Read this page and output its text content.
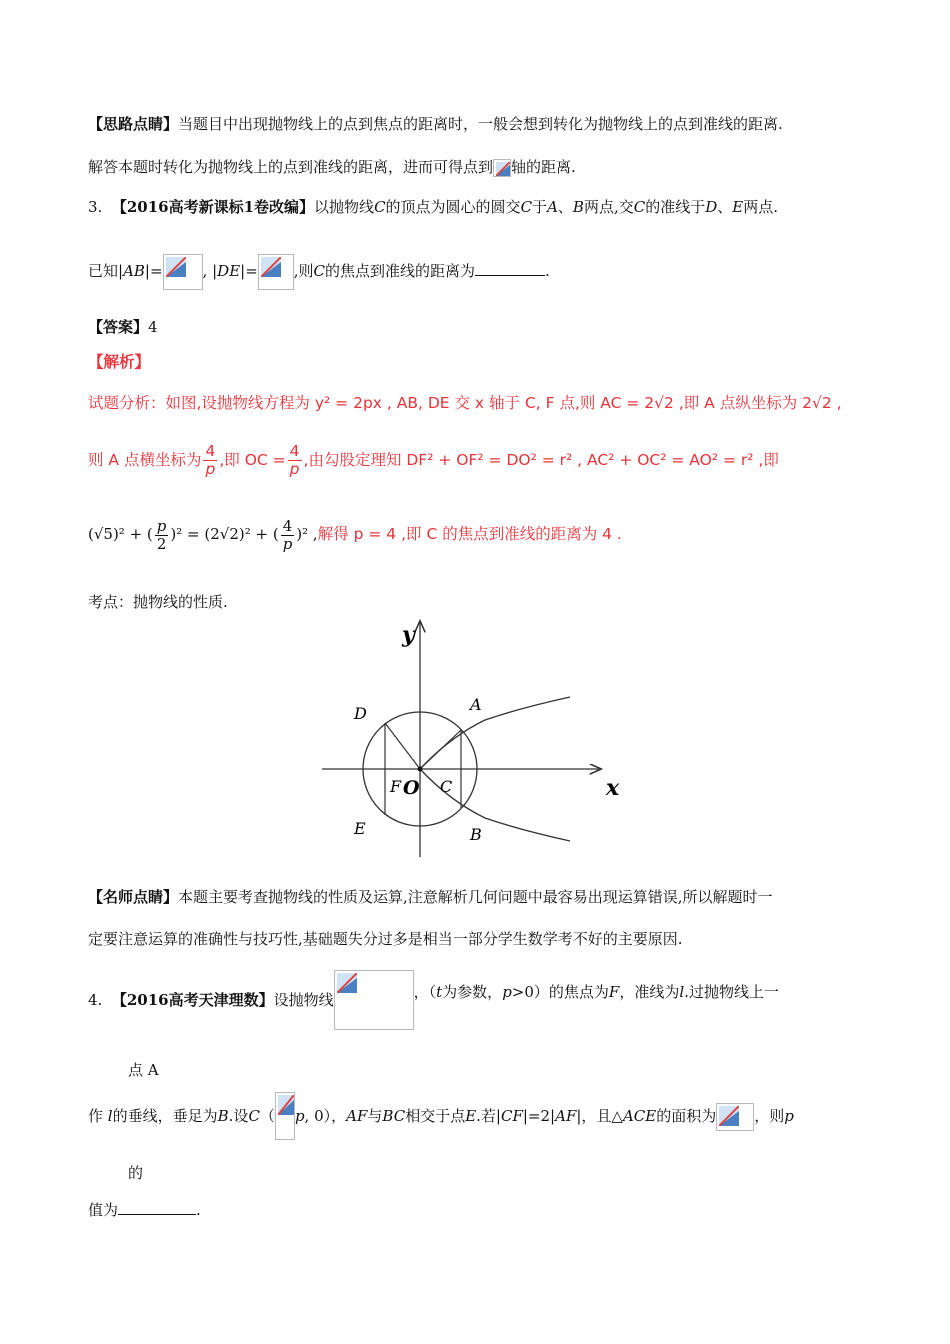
【思路点睛】当题目中出现抛物线上的点到焦点的距离时，一般会想到转化为抛物线上的点到准线的距离.
解答本题时转化为抛物线上的点到准线的距离，进而可得点到 轴的距离.
3. 【2016高考新课标1卷改编】以抛物线C的顶点为圆心的圆交C于A、B两点,交C的准线于D、E两点.
已知|AB|=	, |DE|= ,则C的焦点到准线的距离为	.
【答案】4
【解析】
试题分析：如图,设抛物线方程为 y² = 2px , AB, DE 交 x 轴于 C, F 点,则 AC = 2√2 ,即 A 点纵坐标为 2√2 ,
则 A 点横坐标为 $\frac{4}{p}$ ,即 OC = $\frac{4}{p}$ ,由勾股定理知 DF² + OF² = DO² = r² , AC² + OC² = AO² = r² ,即
(√5)² + ( $\frac{p}{2} )^2 = (2√2)^2$ + ( $\frac{4}{p} )^2$ ,解得 p = 4 ,即 C 的焦点到准线的距离为 4 .
考点：抛物线的性质.
y
x
A
B
C
D
E
F O
【名师点睛】本题主要考查抛物线的性质及运算,注意解析几何问题中最容易出现运算错误,所以解题时一
定要注意运算的准确性与技巧性,基础题失分过多是相当一部分学生数学考不好的主要原因.
4. 【2016高考天津理数】设抛物线	，（t为参数，p>0）的焦点为F，准线为l.过抛物线上一
点 A
作 l的垂线，垂足为B.设C（ p, 0），AF与BC相交于点E.若|CF|=2|AF|，且△ACE的面积为	，则p
的
值为	.
